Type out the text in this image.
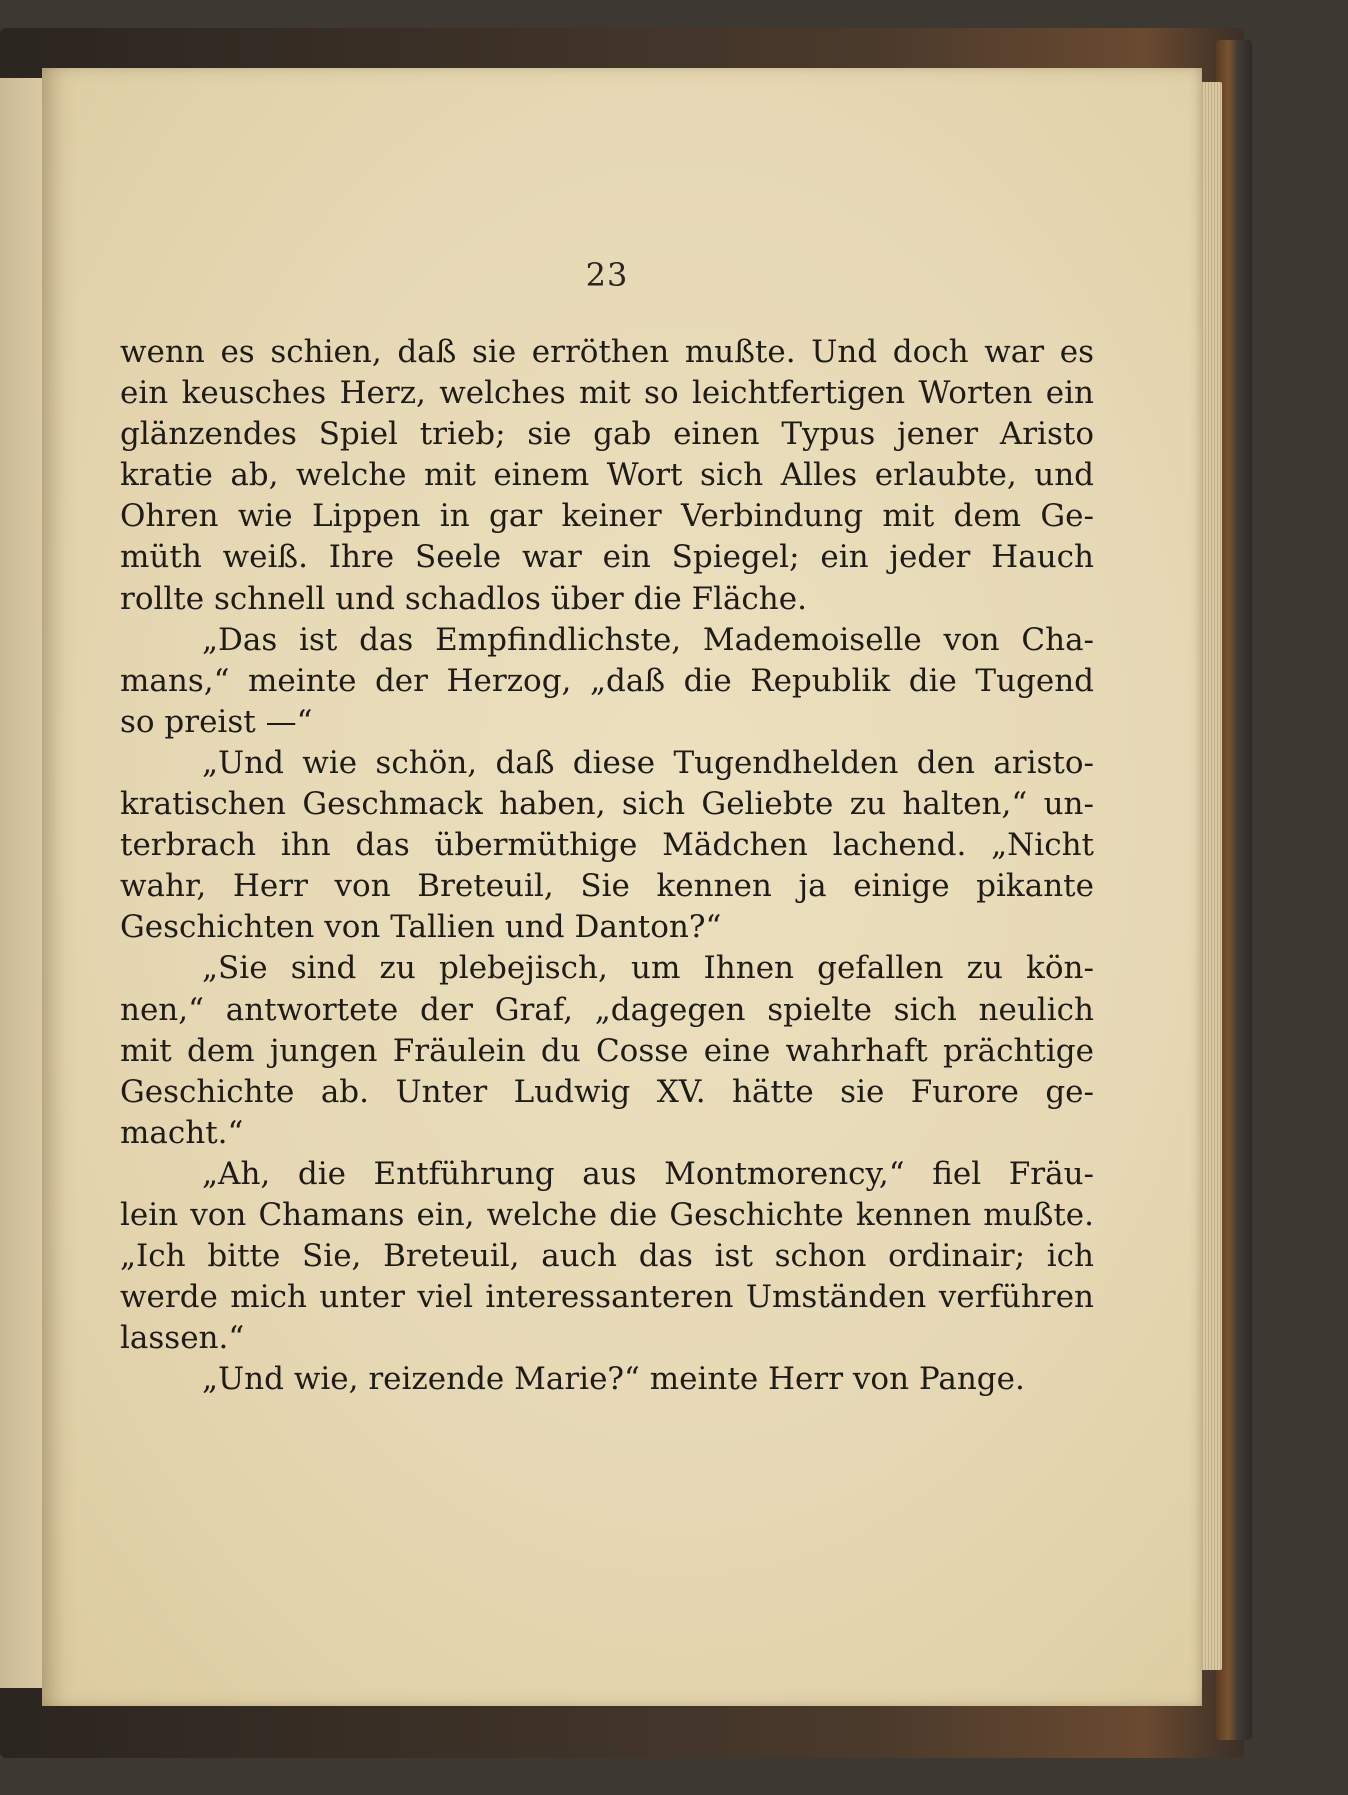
23
wenn es schien, daß sie erröthen mußte. Und doch war es
ein keusches Herz, welches mit so leichtfertigen Worten ein
glänzendes Spiel trieb; sie gab einen Typus jener Aristo
kratie ab, welche mit einem Wort sich Alles erlaubte, und
Ohren wie Lippen in gar keiner Verbindung mit dem Ge-
müth weiß. Ihre Seele war ein Spiegel; ein jeder Hauch
rollte schnell und schadlos über die Fläche.
„Das ist das Empfindlichste, Mademoiselle von Cha-
mans,“ meinte der Herzog, „daß die Republik die Tugend
so preist —“
„Und wie schön, daß diese Tugendhelden den aristo-
kratischen Geschmack haben, sich Geliebte zu halten,“ un-
terbrach ihn das übermüthige Mädchen lachend. „Nicht
wahr, Herr von Breteuil, Sie kennen ja einige pikante
Geschichten von Tallien und Danton?“
„Sie sind zu plebejisch, um Ihnen gefallen zu kön-
nen,“ antwortete der Graf, „dagegen spielte sich neulich
mit dem jungen Fräulein du Cosse eine wahrhaft prächtige
Geschichte ab. Unter Ludwig XV. hätte sie Furore ge-
macht.“
„Ah, die Entführung aus Montmorency,“ fiel Fräu-
lein von Chamans ein, welche die Geschichte kennen mußte.
„Ich bitte Sie, Breteuil, auch das ist schon ordinair; ich
werde mich unter viel interessanteren Umständen verführen
lassen.“
„Und wie, reizende Marie?“ meinte Herr von Pange.
